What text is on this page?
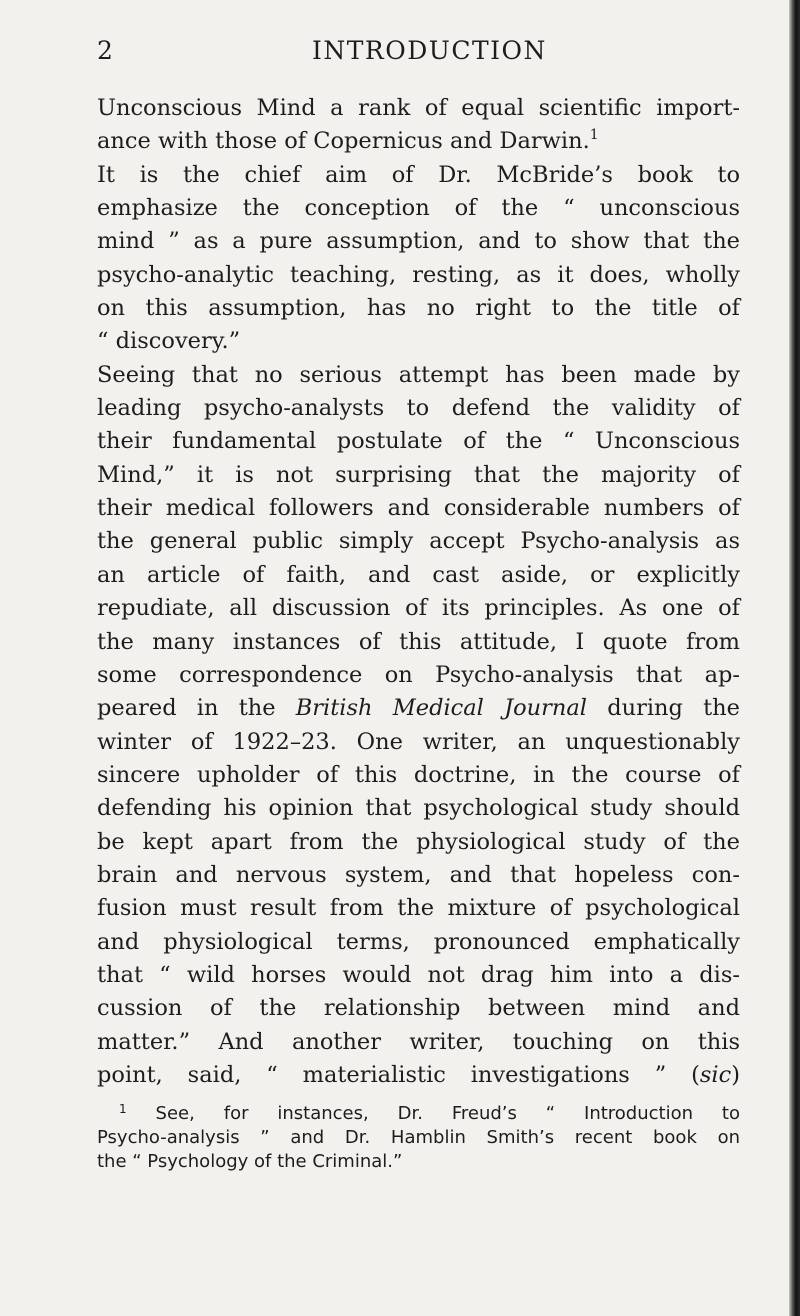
2	INTRODUCTION
Unconscious Mind a rank of equal scientific import-
ance with those of Copernicus and Darwin.$^1$
It is the chief aim of Dr. McBride’s book to
emphasize the conception of the “ unconscious
mind ” as a pure assumption, and to show that the
psycho-analytic teaching, resting, as it does, wholly
on this assumption, has no right to the title of
“ discovery.”
Seeing that no serious attempt has been made by
leading psycho-analysts to defend the validity of
their fundamental postulate of the “ Unconscious
Mind,” it is not surprising that the majority of
their medical followers and considerable numbers of
the general public simply accept Psycho-analysis as
an article of faith, and cast aside, or explicitly
repudiate, all discussion of its principles. As one of
the many instances of this attitude, I quote from
some correspondence on Psycho-analysis that ap-
peared in the British Medical Journal during the
winter of 1922–23. One writer, an unquestionably
sincere upholder of this doctrine, in the course of
defending his opinion that psychological study should
be kept apart from the physiological study of the
brain and nervous system, and that hopeless con-
fusion must result from the mixture of psychological
and physiological terms, pronounced emphatically
that “ wild horses would not drag him into a dis-
cussion of the relationship between mind and
matter.” And another writer, touching on this
point, said, “ materialistic investigations ” (sic)
$^1$ See, for instances, Dr. Freud’s “ Introduction to
Psycho-analysis ” and Dr. Hamblin Smith’s recent book on
the “ Psychology of the Criminal.”
